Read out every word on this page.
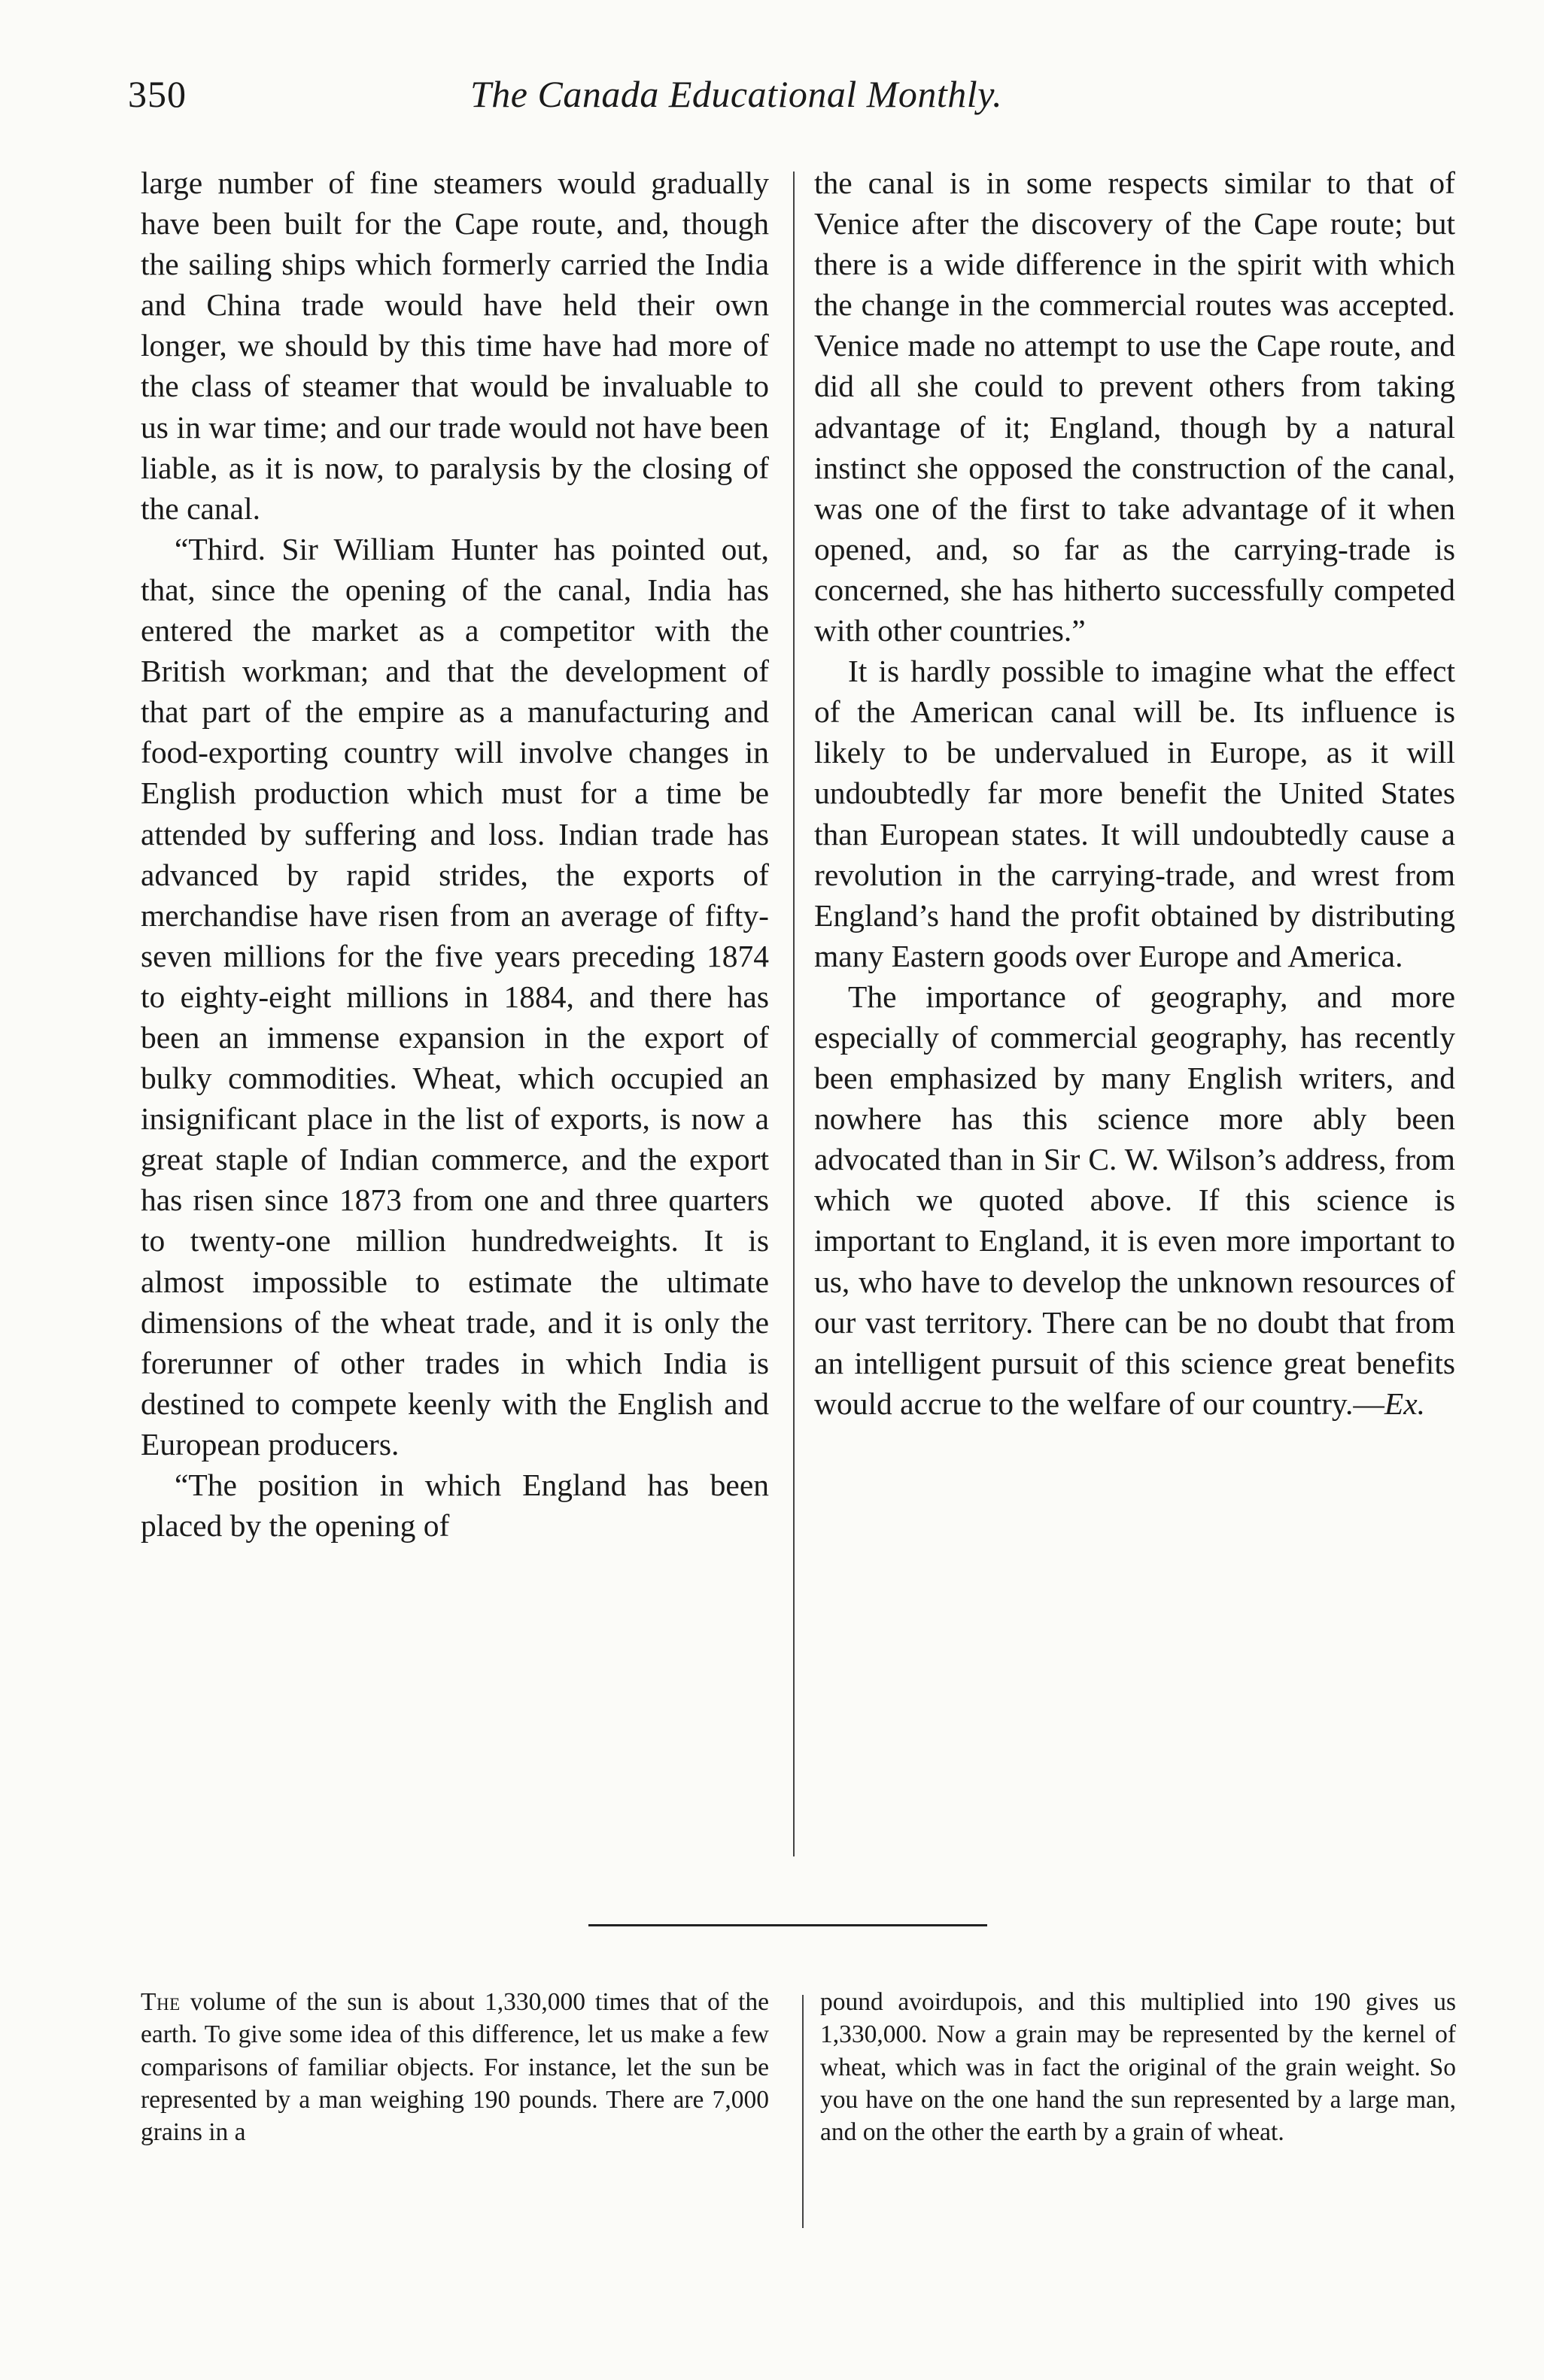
350	The Canada Educational Monthly.

large number of fine steamers would gradually have been built for the Cape route, and, though the sailing ships which formerly carried the India and China trade would have held their own longer, we should by this time have had more of the class of steamer that would be invaluable to us in war time; and our trade would not have been liable, as it is now, to paralysis by the closing of the canal.

“Third. Sir William Hunter has pointed out, that, since the opening of the canal, India has entered the market as a competitor with the British workman; and that the development of that part of the empire as a manufacturing and food-exporting country will involve changes in English production which must for a time be attended by suffering and loss. Indian trade has advanced by rapid strides, the exports of merchandise have risen from an average of fifty-seven millions for the five years preceding 1874 to eighty-eight millions in 1884, and there has been an immense expansion in the export of bulky commodities. Wheat, which occupied an insignificant place in the list of exports, is now a great staple of Indian commerce, and the export has risen since 1873 from one and three quarters to twenty-one million hundredweights. It is almost impossible to estimate the ultimate dimensions of the wheat trade, and it is only the forerunner of other trades in which India is destined to compete keenly with the English and European producers.

“The position in which England has been placed by the opening of

the canal is in some respects similar to that of Venice after the discovery of the Cape route; but there is a wide difference in the spirit with which the change in the commercial routes was accepted. Venice made no attempt to use the Cape route, and did all she could to prevent others from taking advantage of it; England, though by a natural instinct she opposed the construction of the canal, was one of the first to take advantage of it when opened, and, so far as the carrying-trade is concerned, she has hitherto successfully competed with other countries.”

It is hardly possible to imagine what the effect of the American canal will be. Its influence is likely to be undervalued in Europe, as it will undoubtedly far more benefit the United States than European states. It will undoubtedly cause a revolution in the carrying-trade, and wrest from England’s hand the profit obtained by distributing many Eastern goods over Europe and America.

The importance of geography, and more especially of commercial geography, has recently been emphasized by many English writers, and nowhere has this science more ably been advocated than in Sir C. W. Wilson’s address, from which we quoted above. If this science is important to England, it is even more important to us, who have to develop the unknown resources of our vast territory. There can be no doubt that from an intelligent pursuit of this science great benefits would accrue to the welfare of our country.—Ex.

The volume of the sun is about 1,330,000 times that of the earth. To give some idea of this difference, let us make a few comparisons of familiar objects. For instance, let the sun be represented by a man weighing 190 pounds. There are 7,000 grains in a

pound avoirdupois, and this multiplied into 190 gives us 1,330,000. Now a grain may be represented by the kernel of wheat, which was in fact the original of the grain weight. So you have on the one hand the sun represented by a large man, and on the other the earth by a grain of wheat.
